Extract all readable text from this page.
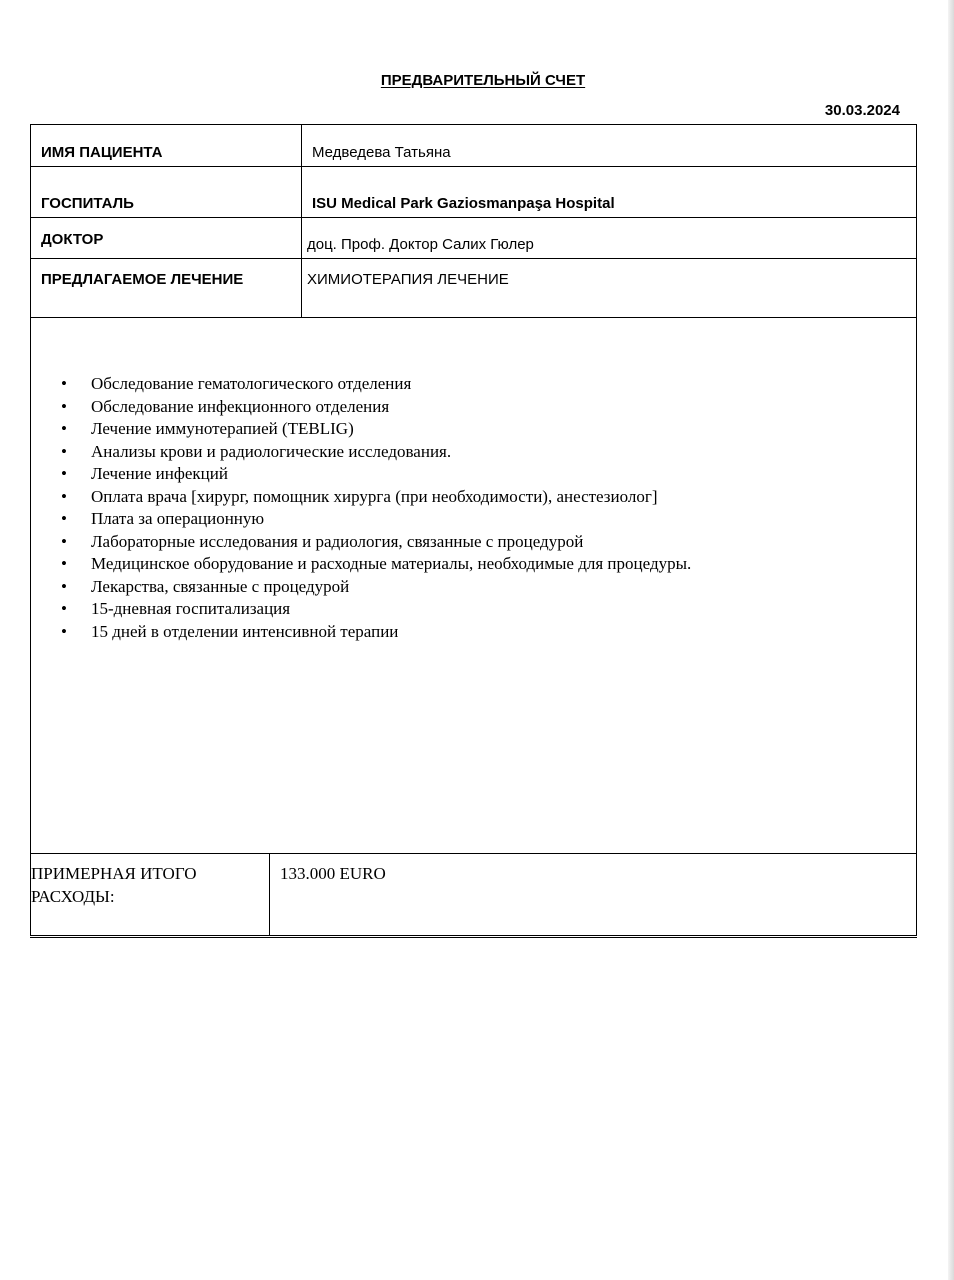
ПРЕДВАРИТЕЛЬНЫЙ СЧЕТ
30.03.2024
ИМЯ ПАЦИЕНТА	Медведева Татьяна
ГОСПИТАЛЬ	ISU Medical Park Gaziosmanpaşa Hospital
ДОКТОР	доц. Проф. Доктор Салих Гюлер
ПРЕДЛАГАЕМОЕ ЛЕЧЕНИЕ	ХИМИОТЕРАПИЯ ЛЕЧЕНИЕ
• Обследование гематологического отделения
• Обследование инфекционного отделения
• Лечение иммунотерапией (TEBLIG)
• Анализы крови и радиологические исследования.
• Лечение инфекций
• Оплата врача [хирург, помощник хирурга (при необходимости), анестезиолог]
• Плата за операционную
• Лабораторные исследования и радиология, связанные с процедурой
• Медицинское оборудование и расходные материалы, необходимые для процедуры.
• Лекарства, связанные с процедурой
• 15-дневная госпитализация
• 15 дней в отделении интенсивной терапии
ПРИМЕРНАЯ ИТОГО
РАСХОДЫ:
133.000 EURO
